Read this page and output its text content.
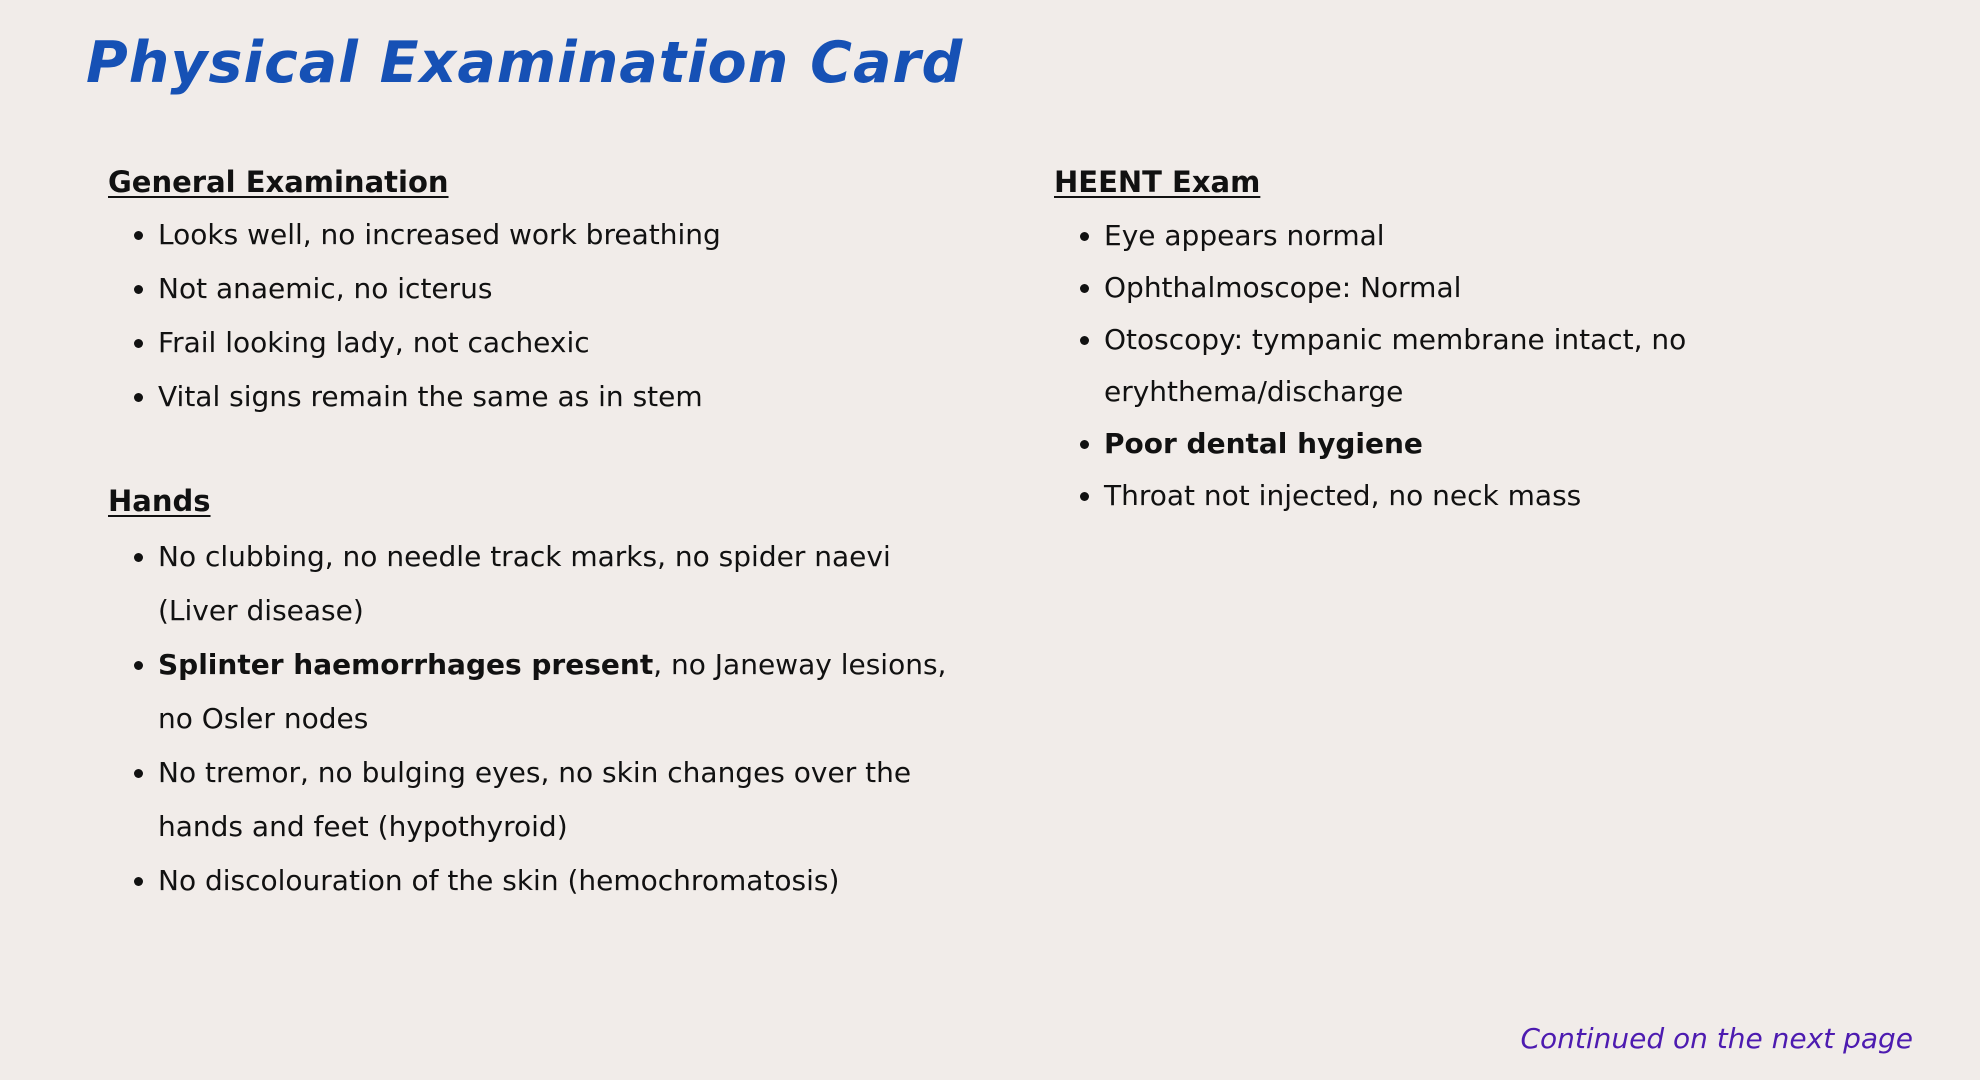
Physical Examination Card
General Examination
• Looks well, no increased work breathing
• Not anaemic, no icterus
• Frail looking lady, not cachexic
• Vital signs remain the same as in stem
Hands
• No clubbing, no needle track marks, no spider naevi
(Liver disease)
• Splinter haemorrhages present, no Janeway lesions,
no Osler nodes
• No tremor, no bulging eyes, no skin changes over the
hands and feet (hypothyroid)
• No discolouration of the skin (hemochromatosis)
HEENT Exam
• Eye appears normal
• Ophthalmoscope: Normal
• Otoscopy: tympanic membrane intact, no
eryhthema/discharge
• Poor dental hygiene
• Throat not injected, no neck mass
Continued on the next page
